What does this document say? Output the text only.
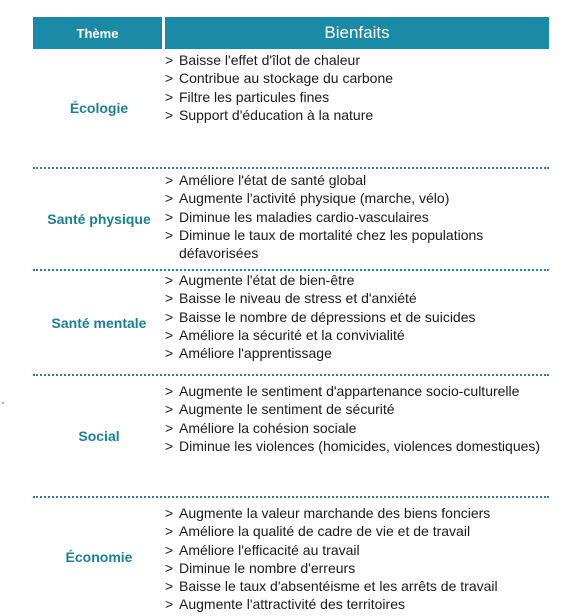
Thème	Bienfaits
Écologie
> Baisse l'effet d'îlot de chaleur
> Contribue au stockage du carbone
> Filtre les particules fines
> Support d'éducation à la nature
Santé physique
> Améliore l'état de santé global
> Augmente l'activité physique (marche, vélo)
> Diminue les maladies cardio-vasculaires
> Diminue le taux de mortalité chez les populations défavorisées
Santé mentale
> Augmente l'état de bien-être
> Baisse le niveau de stress et d'anxiété
> Baisse le nombre de dépressions et de suicides
> Améliore la sécurité et la convivialité
> Améliore l'apprentissage
Social
> Augmente le sentiment d'appartenance socio-culturelle
> Augmente le sentiment de sécurité
> Améliore la cohésion sociale
> Diminue les violences (homicides, violences domestiques)
Économie
> Augmente la valeur marchande des biens fonciers
> Améliore la qualité de cadre de vie et de travail
> Améliore l'efficacité au travail
> Diminue le nombre d'erreurs
> Baisse le taux d'absentéisme et les arrêts de travail
> Augmente l'attractivité des territoires
